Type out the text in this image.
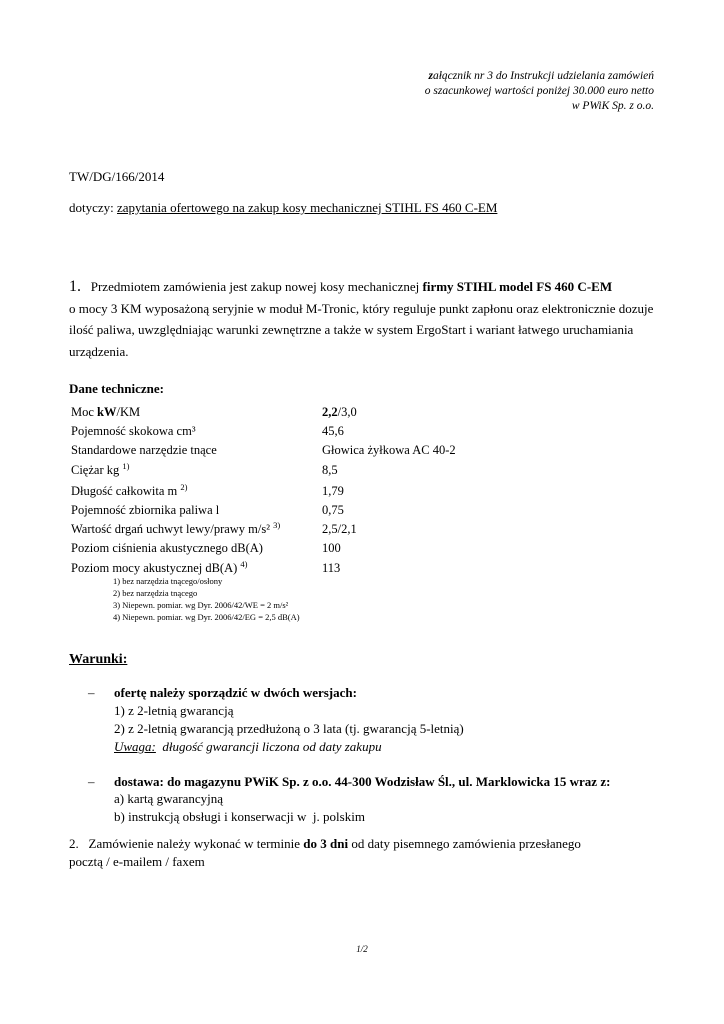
załącznik nr 3 do Instrukcji udzielania zamówień
o szacunkowej wartości poniżej 30.000 euro netto
w PWiK Sp. z o.o.
TW/DG/166/2014
dotyczy: zapytania ofertowego na zakup kosy mechanicznej STIHL FS 460 C-EM
1. Przedmiotem zamówienia jest zakup nowej kosy mechanicznej firmy STIHL model FS 460 C-EM
o mocy 3 KM wyposażoną seryjnie w moduł M-Tronic, który reguluje punkt zapłonu oraz elektronicznie dozuje
ilość paliwa, uwzględniając warunki zewnętrzne a także w system ErgoStart i wariant łatwego uruchamiania
urządzenia.
Dane techniczne:
Moc kW/KM	2,2/3,0
Pojemność skokowa cm³	45,6
Standardowe narzędzie tnące	Głowica żyłkowa AC 40-2
Ciężar kg $^{1)}$	8,5
Długość całkowita m $^{2)}$	1,79
Pojemność zbiornika paliwa l	0,75
Wartość drgań uchwyt lewy/prawy m/s² $^{3)}$	2,5/2,1
Poziom ciśnienia akustycznego dB(A)	100
Poziom mocy akustycznej dB(A) $^{4)}$	113
1) bez narzędzia tnącego/osłony
2) bez narzędzia tnącego
3) Niepewn. pomiar. wg Dyr. 2006/42/WE = 2 m/s²
4) Niepewn. pomiar. wg Dyr. 2006/42/EG = 2,5 dB(A)
Warunki:
– ofertę należy sporządzić w dwóch wersjach:
1) z 2-letnią gwarancją
2) z 2-letnią gwarancją przedłużoną o 3 lata (tj. gwarancją 5-letnią)
Uwaga:  długość gwarancji liczona od daty zakupu
– dostawa: do magazynu PWiK Sp. z o.o. 44-300 Wodzisław Śl., ul. Marklowicka 15 wraz z:
a) kartą gwarancyjną
b) instrukcją obsługi i konserwacji w  j. polskim
2. Zamówienie należy wykonać w terminie do 3 dni od daty pisemnego zamówienia przesłanego
pocztą / e-mailem / faxem
1/2
